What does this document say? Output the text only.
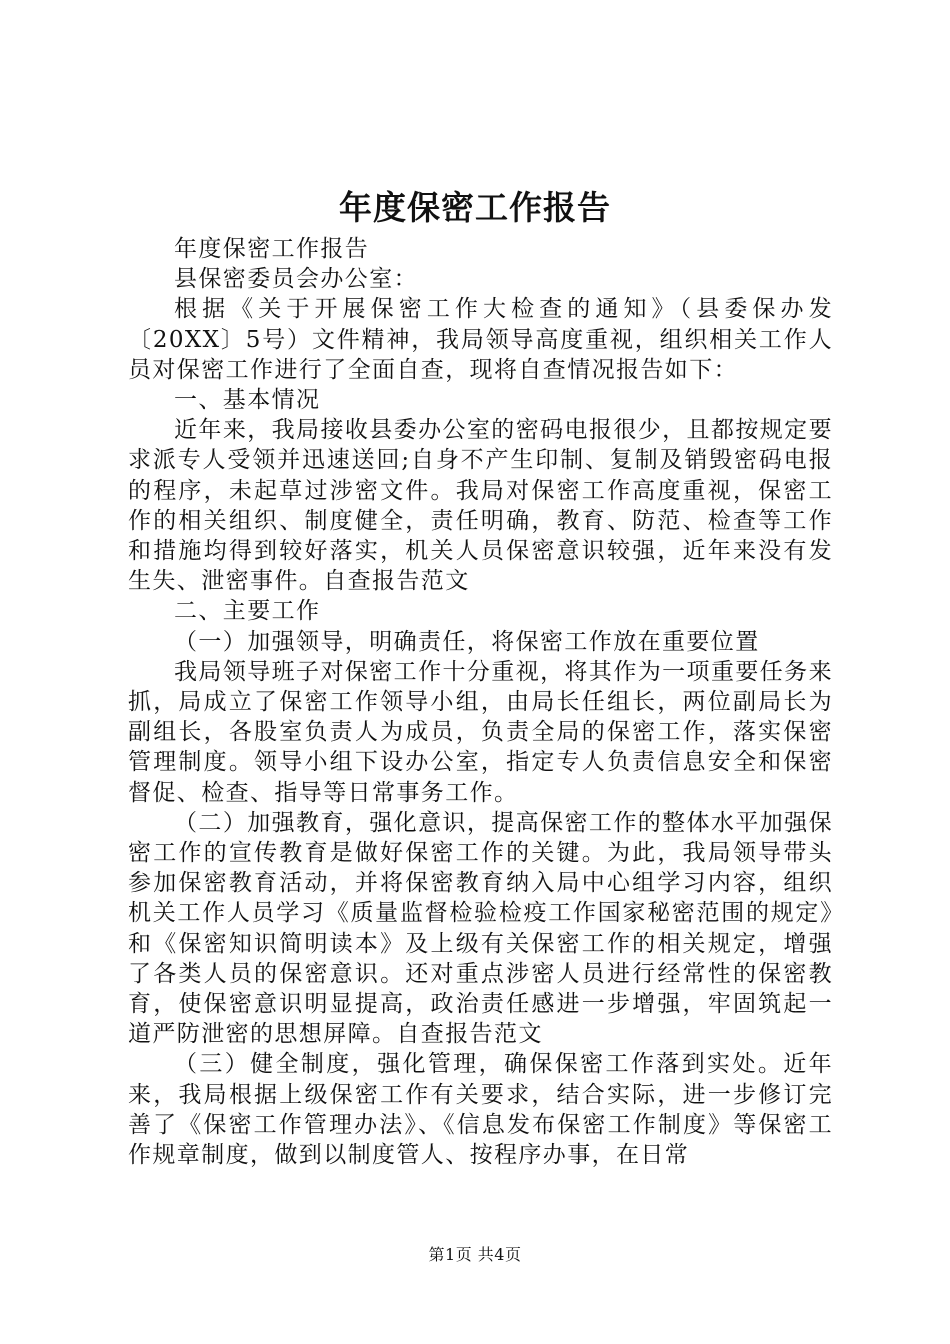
年度保密工作报告

年度保密工作报告

县保密委员会办公室：

根据《关于开展保密工作大检查的通知》（县委保办发〔20XX〕5号）文件精神，我局领导高度重视，组织相关工作人员对保密工作进行了全面自查，现将自查情况报告如下：

一、基本情况

近年来，我局接收县委办公室的密码电报很少，且都按规定要求派专人受领并迅速送回;自身不产生印制、复制及销毁密码电报的程序，未起草过涉密文件。我局对保密工作高度重视，保密工作的相关组织、制度健全，责任明确，教育、防范、检查等工作和措施均得到较好落实，机关人员保密意识较强，近年来没有发生失、泄密事件。自查报告范文

二、主要工作

（一）加强领导，明确责任，将保密工作放在重要位置

我局领导班子对保密工作十分重视，将其作为一项重要任务来抓，局成立了保密工作领导小组，由局长任组长，两位副局长为副组长，各股室负责人为成员，负责全局的保密工作，落实保密管理制度。领导小组下设办公室，指定专人负责信息安全和保密督促、检查、指导等日常事务工作。

（二）加强教育，强化意识，提高保密工作的整体水平加强保密工作的宣传教育是做好保密工作的关键。为此，我局领导带头参加保密教育活动，并将保密教育纳入局中心组学习内容，组织机关工作人员学习《质量监督检验检疫工作国家秘密范围的规定》和《保密知识简明读本》及上级有关保密工作的相关规定，增强了各类人员的保密意识。还对重点涉密人员进行经常性的保密教育，使保密意识明显提高，政治责任感进一步增强，牢固筑起一道严防泄密的思想屏障。自查报告范文

（三）健全制度，强化管理，确保保密工作落到实处。近年来，我局根据上级保密工作有关要求，结合实际，进一步修订完善了《保密工作管理办法》、《信息发布保密工作制度》等保密工作规章制度，做到以制度管人、按程序办事，在日常

第1页 共4页
